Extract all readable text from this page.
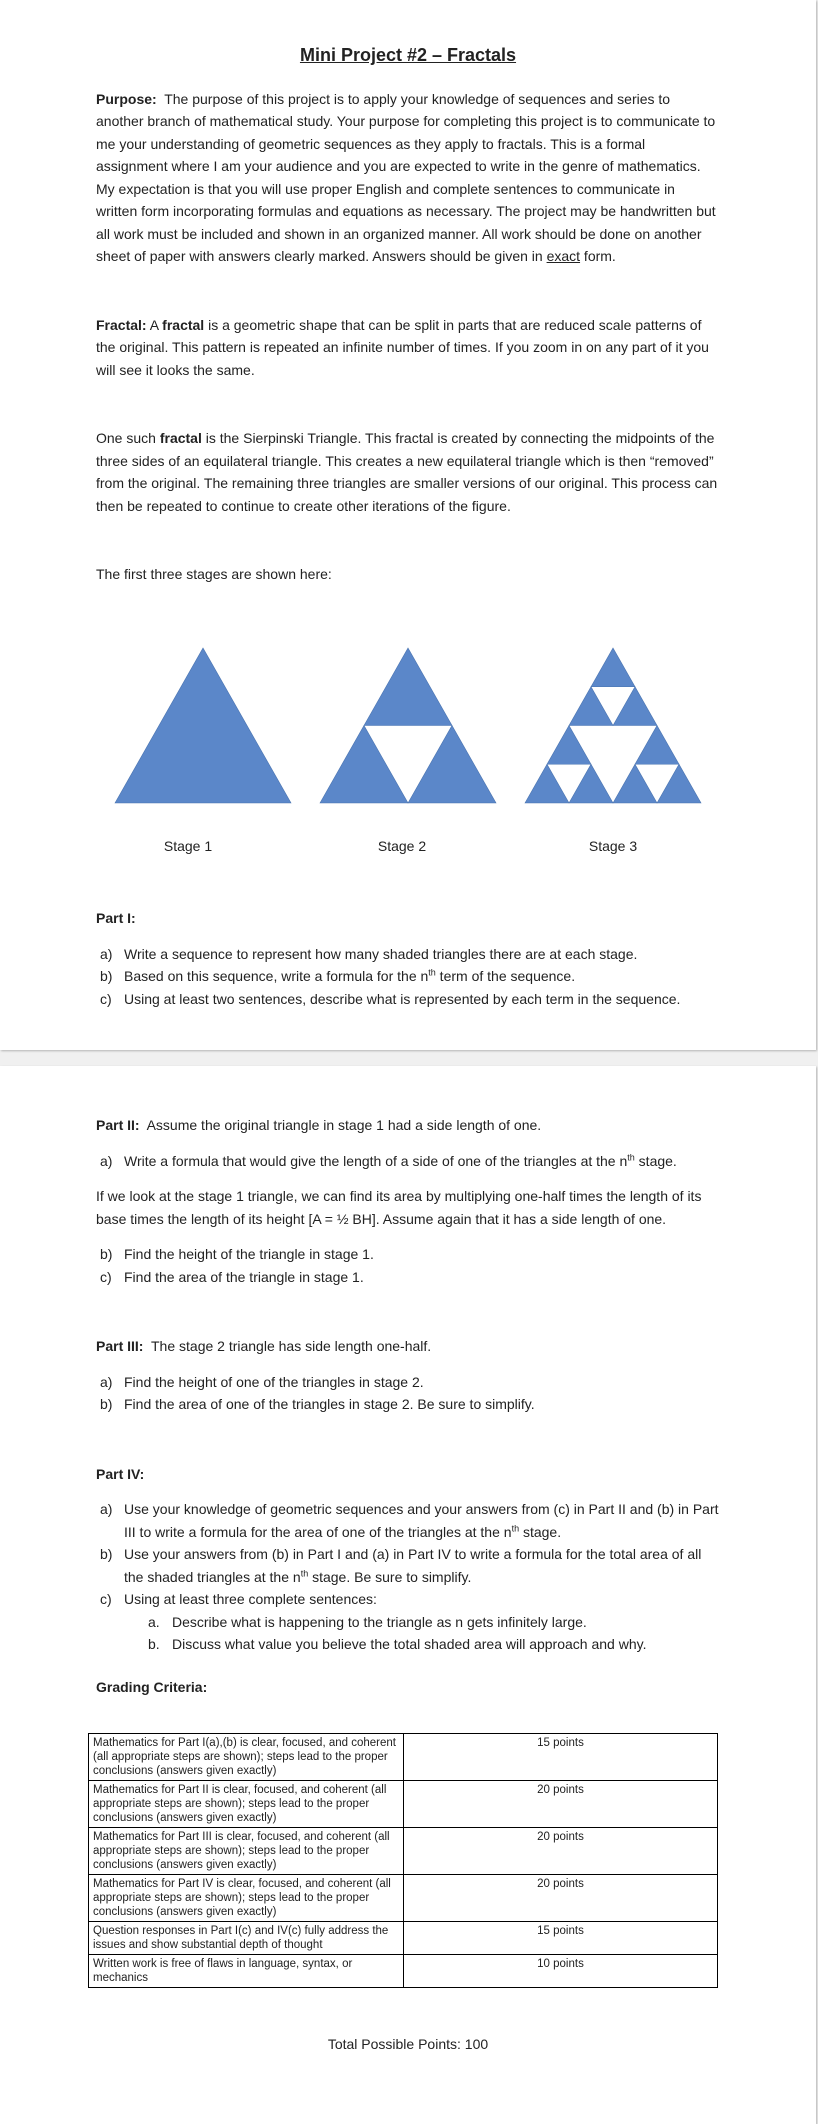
Mini Project #2 – Fractals

Purpose: The purpose of this project is to apply your knowledge of sequences and series to another branch of mathematical study. Your purpose for completing this project is to communicate to me your understanding of geometric sequences as they apply to fractals. This is a formal assignment where I am your audience and you are expected to write in the genre of mathematics. My expectation is that you will use proper English and complete sentences to communicate in written form incorporating formulas and equations as necessary. The project may be handwritten but all work must be included and shown in an organized manner. All work should be done on another sheet of paper with answers clearly marked. Answers should be given in exact form.

Fractal: A fractal is a geometric shape that can be split in parts that are reduced scale patterns of the original. This pattern is repeated an infinite number of times. If you zoom in on any part of it you will see it looks the same.

One such fractal is the Sierpinski Triangle. This fractal is created by connecting the midpoints of the three sides of an equilateral triangle. This creates a new equilateral triangle which is then “removed” from the original. The remaining three triangles are smaller versions of our original. This process can then be repeated to continue to create other iterations of the figure.

The first three stages are shown here:

Stage 1	Stage 2	Stage 3

Part I:

a) Write a sequence to represent how many shaded triangles there are at each stage.
b) Based on this sequence, write a formula for the $n^{th}$ term of the sequence.
c) Using at least two sentences, describe what is represented by each term in the sequence.

Part II: Assume the original triangle in stage 1 had a side length of one.

a) Write a formula that would give the length of a side of one of the triangles at the $n^{th}$ stage.

If we look at the stage 1 triangle, we can find its area by multiplying one-half times the length of its base times the length of its height [A = ½ BH]. Assume again that it has a side length of one.

b) Find the height of the triangle in stage 1.
c) Find the area of the triangle in stage 1.

Part III: The stage 2 triangle has side length one-half.

a) Find the height of one of the triangles in stage 2.
b) Find the area of one of the triangles in stage 2. Be sure to simplify.

Part IV:

a) Use your knowledge of geometric sequences and your answers from (c) in Part II and (b) in Part III to write a formula for the area of one of the triangles at the $n^{th}$ stage.
b) Use your answers from (b) in Part I and (a) in Part IV to write a formula for the total area of all the shaded triangles at the $n^{th}$ stage. Be sure to simplify.
c) Using at least three complete sentences:
a. Describe what is happening to the triangle as n gets infinitely large.
b. Discuss what value you believe the total shaded area will approach and why.

Grading Criteria:

Mathematics for Part I(a),(b) is clear, focused, and coherent (all appropriate steps are shown); steps lead to the proper conclusions (answers given exactly)	15 points
Mathematics for Part II is clear, focused, and coherent (all appropriate steps are shown); steps lead to the proper conclusions (answers given exactly)	20 points
Mathematics for Part III is clear, focused, and coherent (all appropriate steps are shown); steps lead to the proper conclusions (answers given exactly)	20 points
Mathematics for Part IV is clear, focused, and coherent (all appropriate steps are shown); steps lead to the proper conclusions (answers given exactly)	20 points
Question responses in Part I(c) and IV(c) fully address the issues and show substantial depth of thought	15 points
Written work is free of flaws in language, syntax, or mechanics	10 points
Total Possible Points: 100
